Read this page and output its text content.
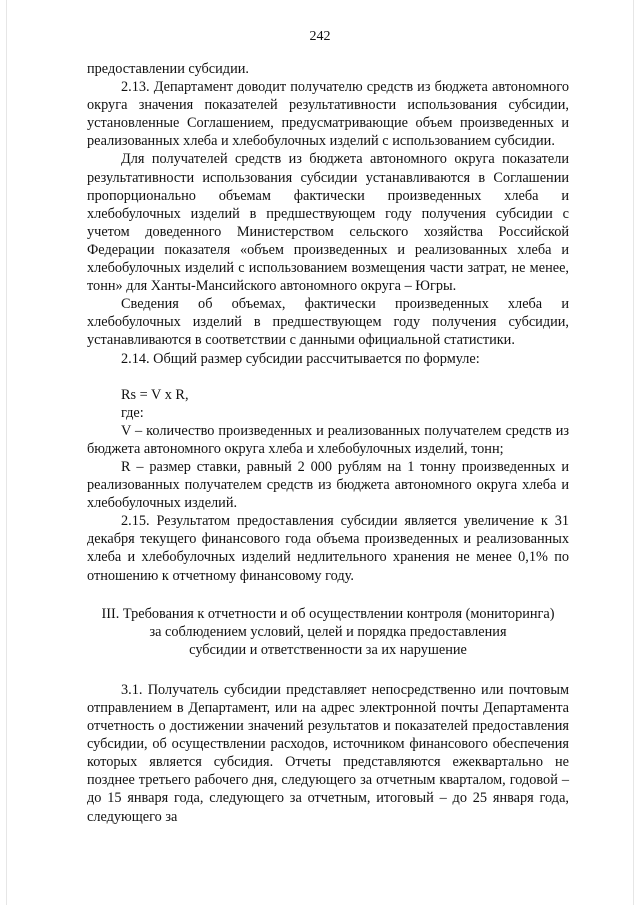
242

предоставлении субсидии.

2.13. Департамент доводит получателю средств из бюджета автономного округа значения показателей результативности использования субсидии, установленные Соглашением, предусматривающие объем произведенных и реализованных хлеба и хлебобулочных изделий с использованием субсидии.

Для получателей средств из бюджета автономного округа показатели результативности использования субсидии устанавливаются в Соглашении пропорционально объемам фактически произведенных хлеба и хлебобулочных изделий в предшествующем году получения субсидии с учетом доведенного Министерством сельского хозяйства Российской Федерации показателя «объем произведенных и реализованных хлеба и хлебобулочных изделий с использованием возмещения части затрат, не менее, тонн» для Ханты-Мансийского автономного округа – Югры.

Сведения об объемах, фактически произведенных хлеба и хлебобулочных изделий в предшествующем году получения субсидии, устанавливаются в соответствии с данными официальной статистики.

2.14. Общий размер субсидии рассчитывается по формуле:

Rs = V x R,

где:

V – количество произведенных и реализованных получателем средств из бюджета автономного округа хлеба и хлебобулочных изделий, тонн;

R – размер ставки, равный 2 000 рублям на 1 тонну произведенных и реализованных получателем средств из бюджета автономного округа хлеба и хлебобулочных изделий.

2.15. Результатом предоставления субсидии является увеличение к 31 декабря текущего финансового года объема произведенных и реализованных хлеба и хлебобулочных изделий недлительного хранения не менее 0,1% по отношению к отчетному финансовому году.

III. Требования к отчетности и об осуществлении контроля (мониторинга)
за соблюдением условий, целей и порядка предоставления
субсидии и ответственности за их нарушение

3.1. Получатель субсидии представляет непосредственно или почтовым отправлением в Департамент, или на адрес электронной почты Департамента отчетность о достижении значений результатов и показателей предоставления субсидии, об осуществлении расходов, источником финансового обеспечения которых является субсидия. Отчеты представляются ежеквартально не позднее третьего рабочего дня, следующего за отчетным кварталом, годовой – до 15 января года, следующего за отчетным, итоговый – до 25 января года, следующего за
